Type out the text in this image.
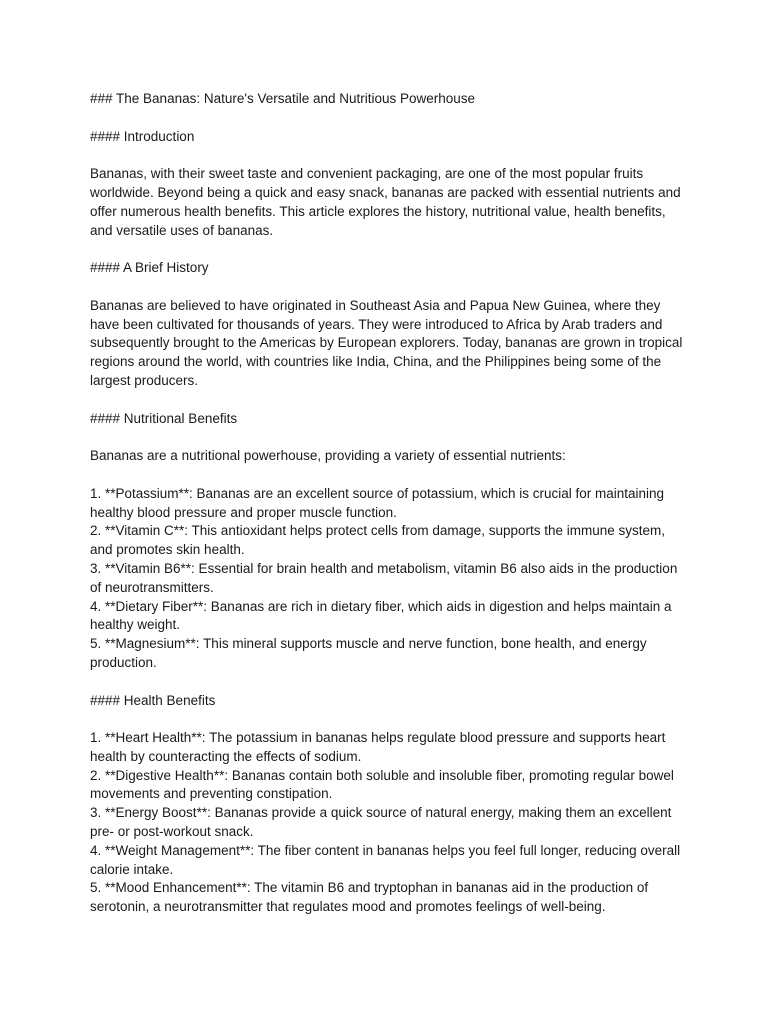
### The Bananas: Nature's Versatile and Nutritious Powerhouse

#### Introduction

Bananas, with their sweet taste and convenient packaging, are one of the most popular fruits worldwide. Beyond being a quick and easy snack, bananas are packed with essential nutrients and offer numerous health benefits. This article explores the history, nutritional value, health benefits, and versatile uses of bananas.

#### A Brief History

Bananas are believed to have originated in Southeast Asia and Papua New Guinea, where they have been cultivated for thousands of years. They were introduced to Africa by Arab traders and subsequently brought to the Americas by European explorers. Today, bananas are grown in tropical regions around the world, with countries like India, China, and the Philippines being some of the largest producers.

#### Nutritional Benefits

Bananas are a nutritional powerhouse, providing a variety of essential nutrients:

1. **Potassium**: Bananas are an excellent source of potassium, which is crucial for maintaining healthy blood pressure and proper muscle function.
2. **Vitamin C**: This antioxidant helps protect cells from damage, supports the immune system, and promotes skin health.
3. **Vitamin B6**: Essential for brain health and metabolism, vitamin B6 also aids in the production of neurotransmitters.
4. **Dietary Fiber**: Bananas are rich in dietary fiber, which aids in digestion and helps maintain a healthy weight.
5. **Magnesium**: This mineral supports muscle and nerve function, bone health, and energy production.

#### Health Benefits

1. **Heart Health**: The potassium in bananas helps regulate blood pressure and supports heart health by counteracting the effects of sodium.
2. **Digestive Health**: Bananas contain both soluble and insoluble fiber, promoting regular bowel movements and preventing constipation.
3. **Energy Boost**: Bananas provide a quick source of natural energy, making them an excellent pre- or post-workout snack.
4. **Weight Management**: The fiber content in bananas helps you feel full longer, reducing overall calorie intake.
5. **Mood Enhancement**: The vitamin B6 and tryptophan in bananas aid in the production of serotonin, a neurotransmitter that regulates mood and promotes feelings of well-being.
